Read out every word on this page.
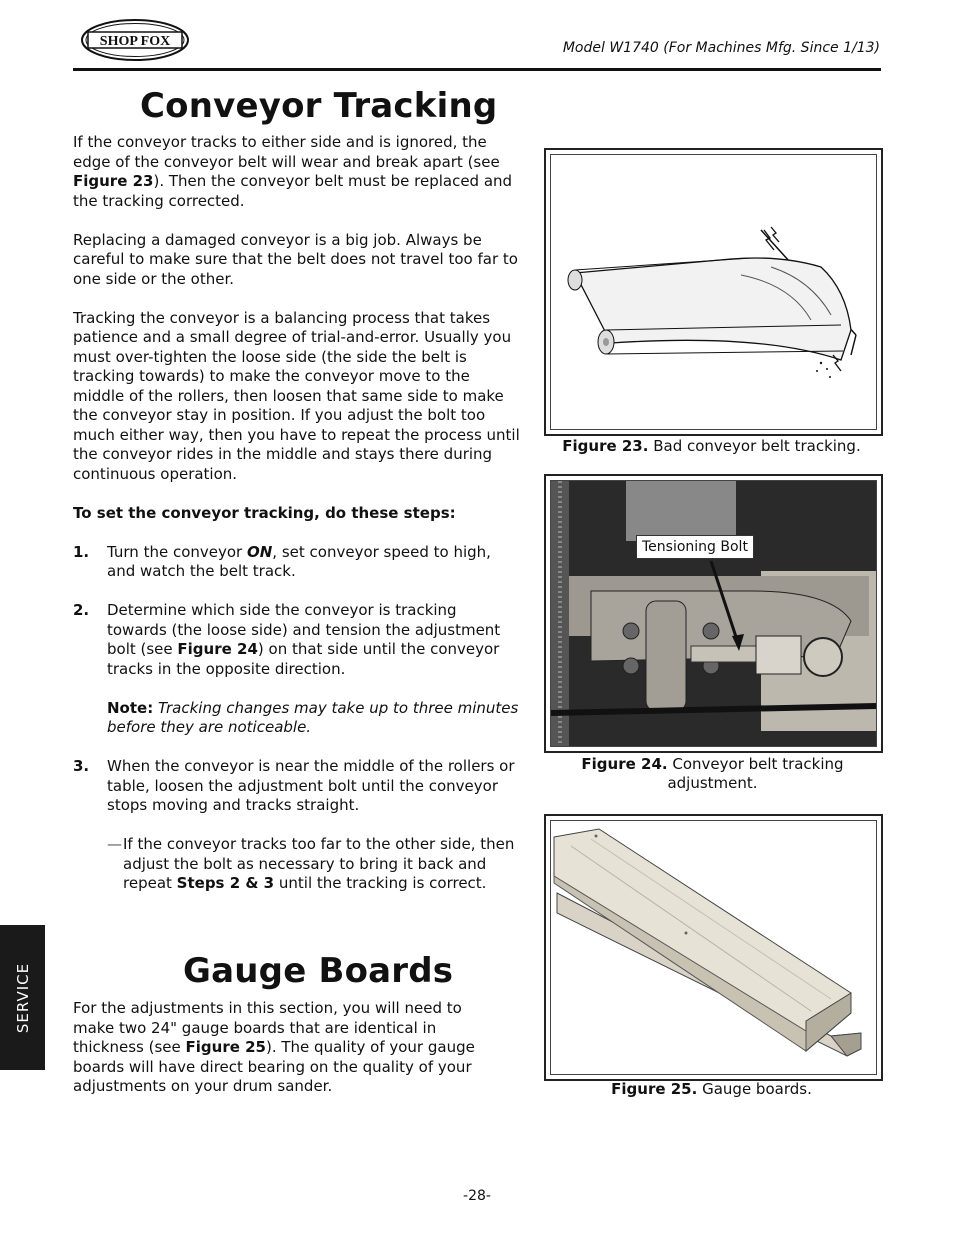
SHOP FOX	Model W1740 (For Machines Mfg. Since 1/13)
Conveyor Tracking

If the conveyor tracks to either side and is ignored, the edge of the conveyor belt will wear and break apart (see Figure 23). Then the conveyor belt must be replaced and the tracking corrected.

Replacing a damaged conveyor is a big job. Always be careful to make sure that the belt does not travel too far to one side or the other.

Tracking the conveyor is a balancing process that takes patience and a small degree of trial-and-error. Usually you must over-tighten the loose side (the side the belt is tracking towards) to make the conveyor move to the middle of the rollers, then loosen that same side to make the conveyor stay in position. If you adjust the bolt too much either way, then you have to repeat the process until the conveyor rides in the middle and stays there during continuous operation.

To set the conveyor tracking, do these steps:

1. Turn the conveyor ON, set conveyor speed to high, and watch the belt track.

2. Determine which side the conveyor is tracking towards (the loose side) and tension the adjustment bolt (see Figure 24) on that side until the conveyor tracks in the opposite direction.

Note: Tracking changes may take up to three minutes before they are noticeable.

3. When the conveyor is near the middle of the rollers or table, loosen the adjustment bolt until the conveyor stops moving and tracks straight.

— If the conveyor tracks too far to the other side, then adjust the bolt as necessary to bring it back and repeat Steps 2 & 3 until the tracking is correct.

Gauge Boards

For the adjustments in this section, you will need to make two 24" gauge boards that are identical in thickness (see Figure 25). The quality of your gauge boards will have direct bearing on the quality of your adjustments on your drum sander.

Figure 23. Bad conveyor belt tracking.
Tensioning Bolt
Figure 24. Conveyor belt tracking adjustment.
Figure 25. Gauge boards.
SERVICE
-28-
